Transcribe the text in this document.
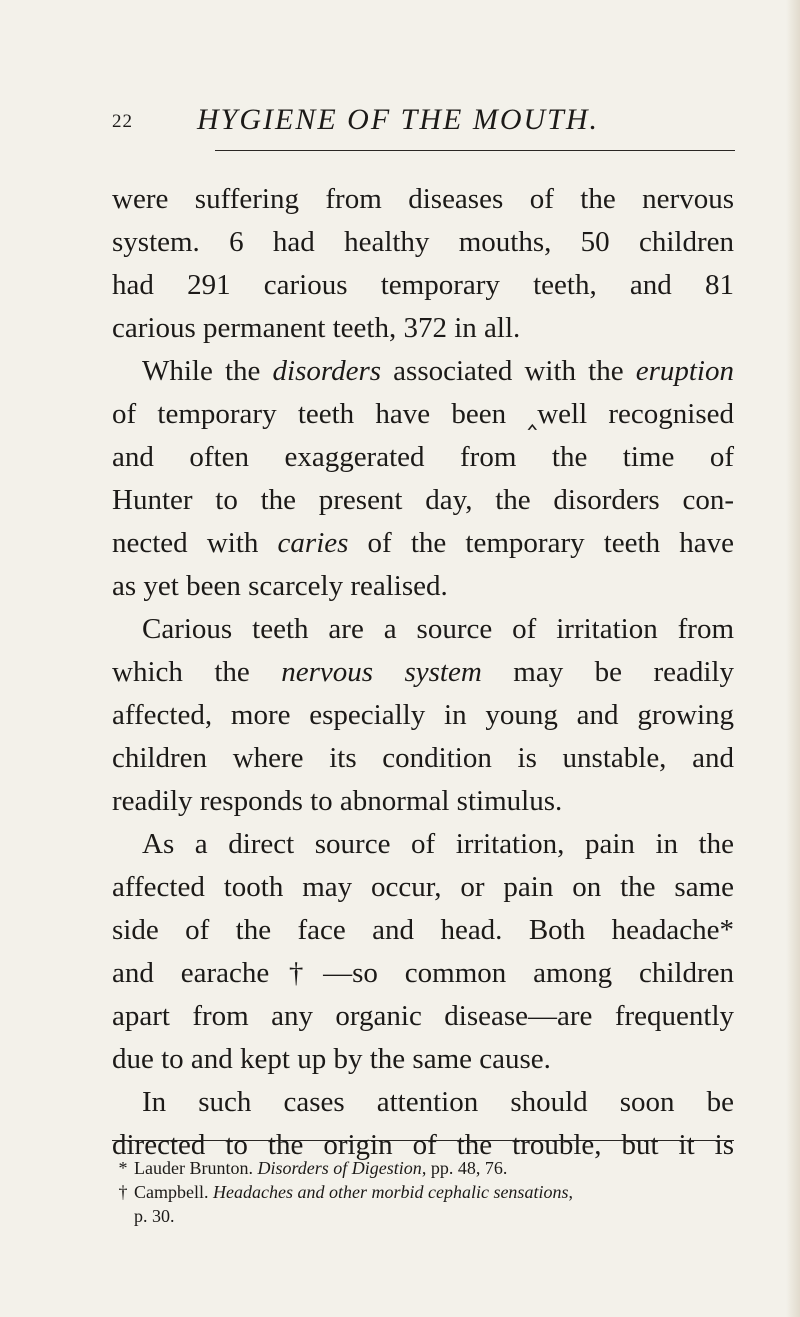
22 HYGIENE OF THE MOUTH.
were suffering from diseases of the nervous
system. 6 had healthy mouths, 50 children
had 291 carious temporary teeth, and 81
carious permanent teeth, 372 in all.
While the disorders associated with the eruption
of temporary teeth have been ‸well recognised
and often exaggerated from the time of
Hunter to the present day, the disorders con-
nected with caries of the temporary teeth have
as yet been scarcely realised.
Carious teeth are a source of irritation from
which the nervous system may be readily
affected, more especially in young and growing
children where its condition is unstable, and
readily responds to abnormal stimulus.
As a direct source of irritation, pain in the
affected tooth may occur, or pain on the same
side of the face and head. Both headache*
and earache†—so common among children
apart from any organic disease—are frequently
due to and kept up by the same cause.
In such cases attention should soon be
directed to the origin of the trouble, but it is
* Lauder Brunton. Disorders of Digestion, pp. 48, 76.
† Campbell. Headaches and other morbid cephalic sensations,
p. 30.
